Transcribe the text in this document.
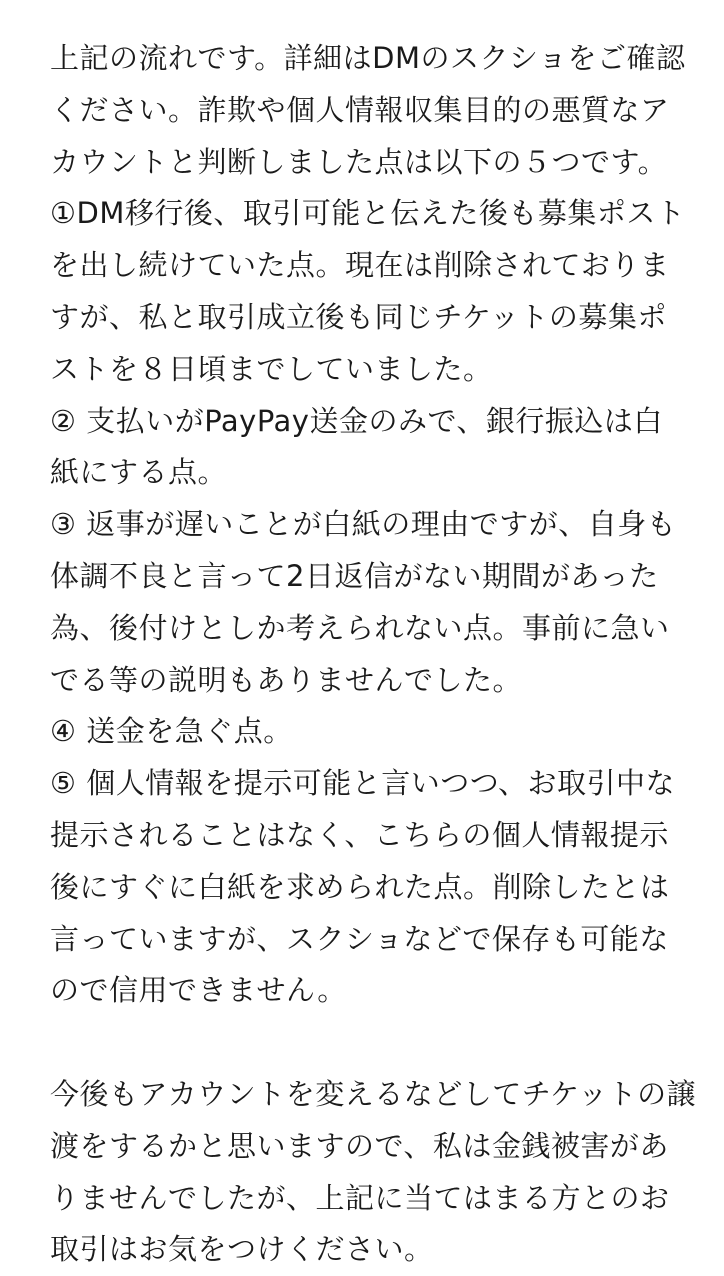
上記の流れです。詳細はDMのスクショをご確認
ください。詐欺や個人情報収集目的の悪質なア
カウントと判断しました点は以下の５つです。
①DM移行後、取引可能と伝えた後も募集ポスト
を出し続けていた点。現在は削除されておりま
すが、私と取引成立後も同じチケットの募集ポ
ストを８日頃までしていました。
② 支払いがPayPay送金のみで、銀行振込は白
紙にする点。
③ 返事が遅いことが白紙の理由ですが、自身も
体調不良と言って2日返信がない期間があった
為、後付けとしか考えられない点。事前に急い
でる等の説明もありませんでした。
④ 送金を急ぐ点。
⑤ 個人情報を提示可能と言いつつ、お取引中な
提示されることはなく、こちらの個人情報提示
後にすぐに白紙を求められた点。削除したとは
言っていますが、スクショなどで保存も可能な
ので信用できません。
今後もアカウントを変えるなどしてチケットの譲
渡をするかと思いますので、私は金銭被害があ
りませんでしたが、上記に当てはまる方とのお
取引はお気をつけください。
